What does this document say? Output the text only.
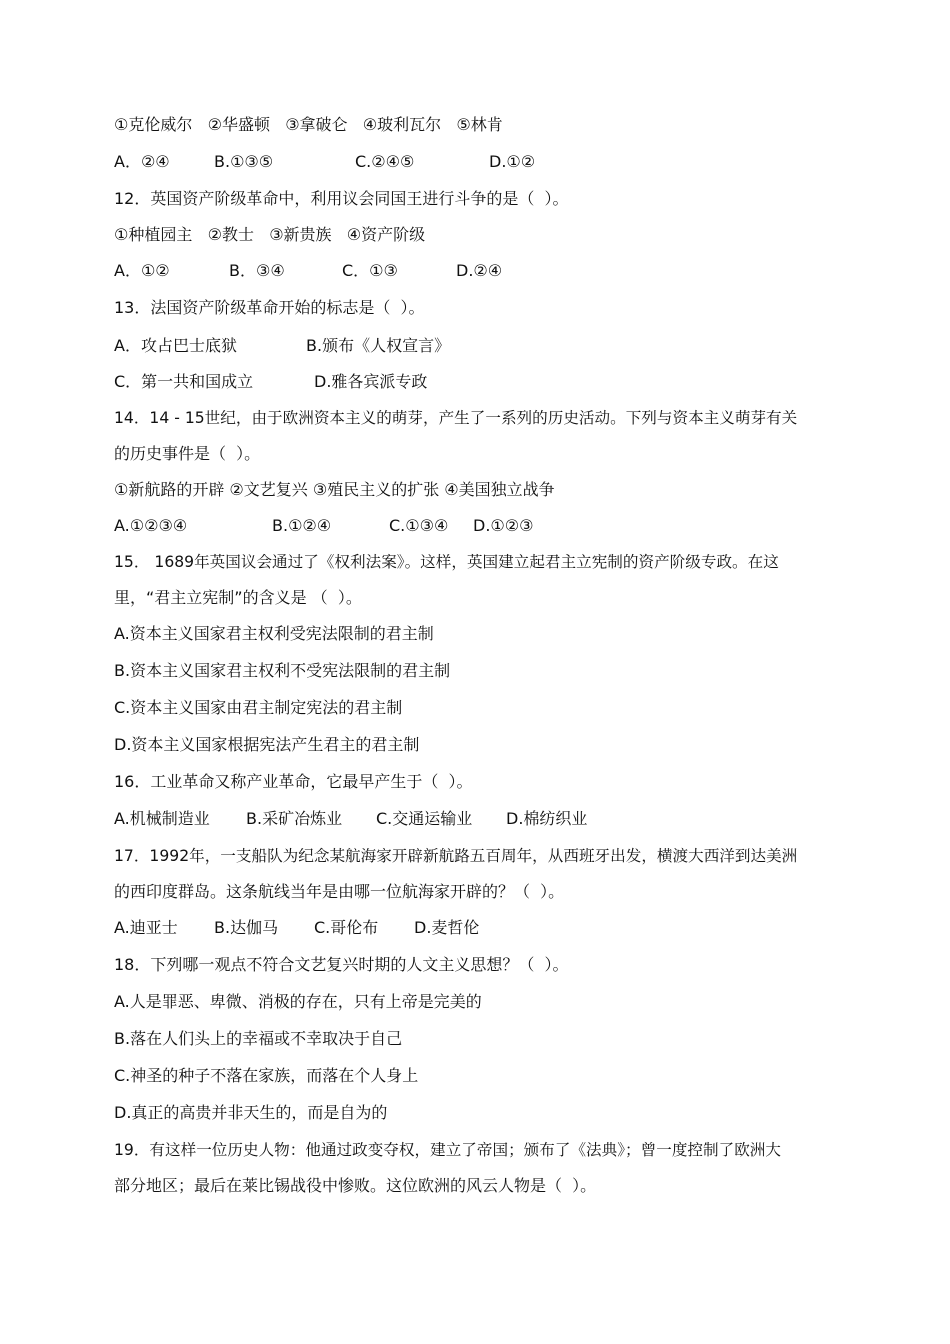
①克伦威尔   ②华盛顿   ③拿破仑   ④玻利瓦尔   ⑤林肯
A．②④	B.①③⑤	C.②④⑤	D.①②
12．英国资产阶级革命中，利用议会同国王进行斗争的是（  ）。
①种植园主   ②教士   ③新贵族   ④资产阶级
A．①②	B．③④	C．①③	D.②④
13．法国资产阶级革命开始的标志是（  ）。
A．攻占巴士底狱	B.颁布《人权宣言》
C．第一共和国成立	D.雅各宾派专政
14．14 - 15世纪，由于欧洲资本主义的萌芽，产生了一系列的历史活动。下列与资本主义萌芽有关
的历史事件是（  ）。
①新航路的开辟 ②文艺复兴 ③殖民主义的扩张 ④美国独立战争
A.①②③④	B.①②④	C.①③④	D.①②③
15． 1689年英国议会通过了《权利法案》。这样，英国建立起君主立宪制的资产阶级专政。在这
里，“君主立宪制”的含义是 （  ）。
A.资本主义国家君主权利受宪法限制的君主制
B.资本主义国家君主权利不受宪法限制的君主制
C.资本主义国家由君主制定宪法的君主制
D.资本主义国家根据宪法产生君主的君主制
16．工业革命又称产业革命，它最早产生于（  ）。
A.机械制造业	B.采矿冶炼业	C.交通运输业	D.棉纺织业
17．1992年，一支船队为纪念某航海家开辟新航路五百周年，从西班牙出发，横渡大西洋到达美洲
的西印度群岛。这条航线当年是由哪一位航海家开辟的？（  ）。
A.迪亚士	B.达伽马	C.哥伦布	D.麦哲伦
18．下列哪一观点不符合文艺复兴时期的人文主义思想？（  ）。
A.人是罪恶、卑微、消极的存在，只有上帝是完美的
B.落在人们头上的幸福或不幸取决于自己
C.神圣的种子不落在家族，而落在个人身上
D.真正的高贵并非天生的，而是自为的
19．有这样一位历史人物：他通过政变夺权，建立了帝国；颁布了《法典》；曾一度控制了欧洲大
部分地区；最后在莱比锡战役中惨败。这位欧洲的风云人物是（  ）。
